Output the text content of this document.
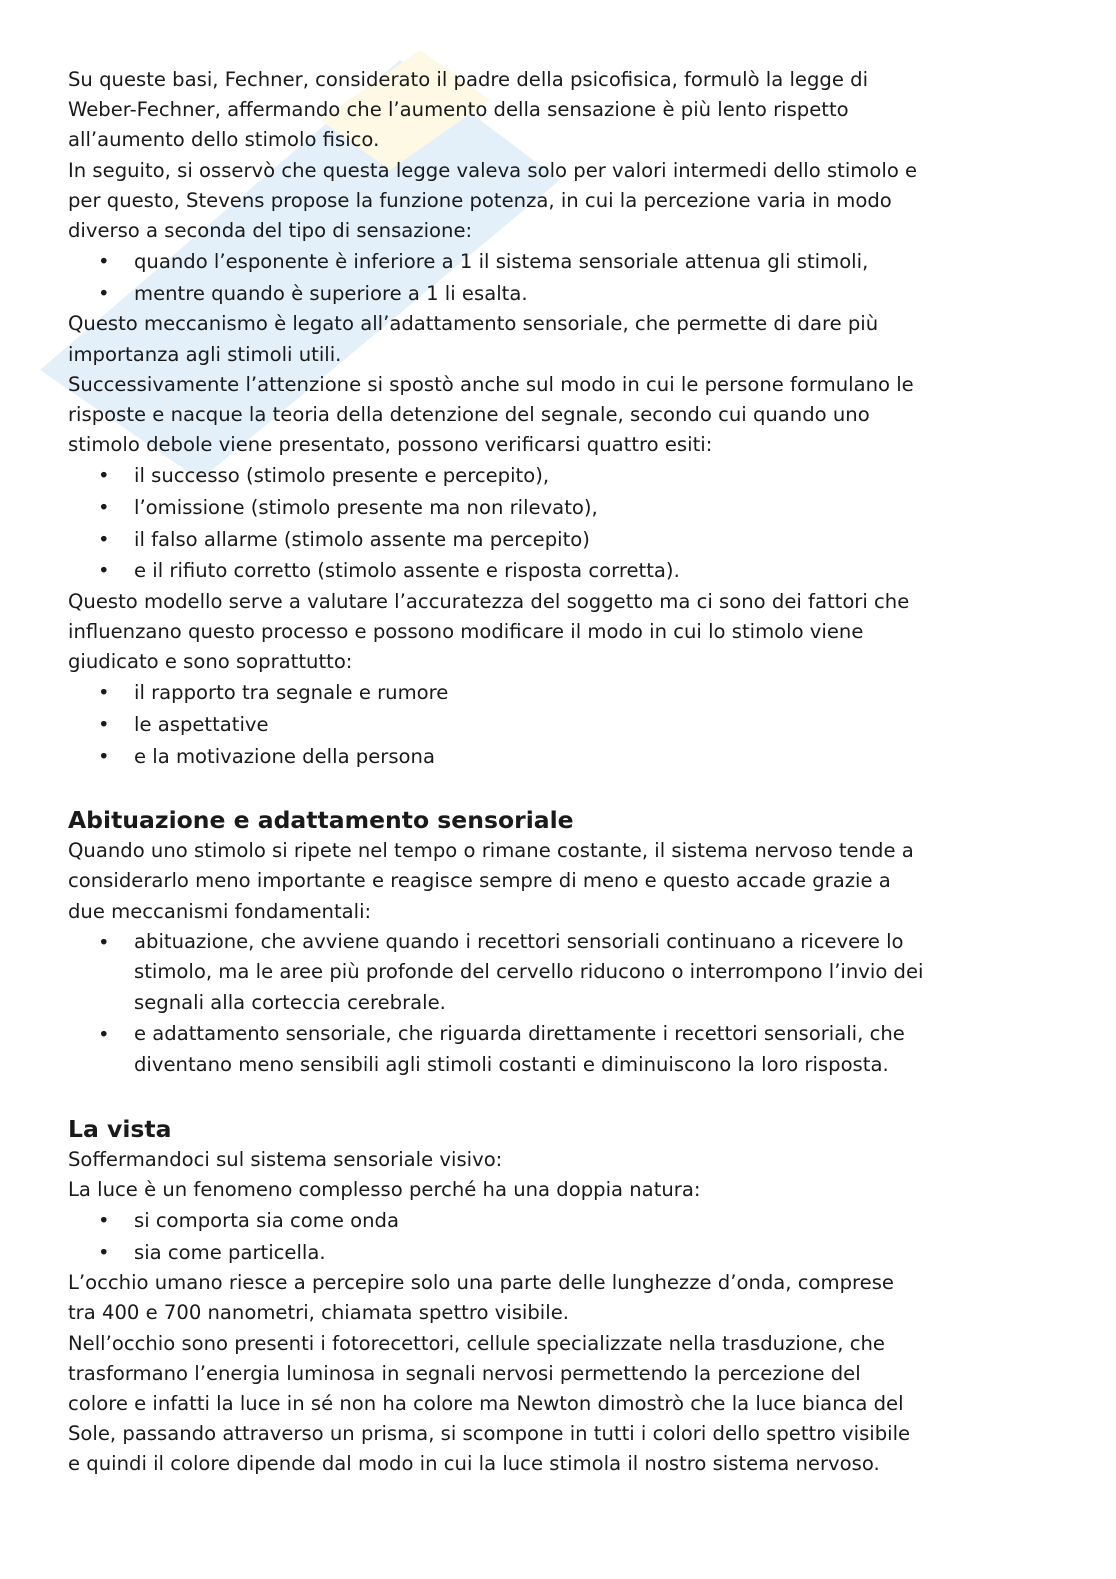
Su queste basi, Fechner, considerato il padre della psicofisica, formulò la legge di
Weber-Fechner, affermando che l’aumento della sensazione è più lento rispetto
all’aumento dello stimolo fisico.
In seguito, si osservò che questa legge valeva solo per valori intermedi dello stimolo e
per questo, Stevens propose la funzione potenza, in cui la percezione varia in modo
diverso a seconda del tipo di sensazione:
• quando l’esponente è inferiore a 1 il sistema sensoriale attenua gli stimoli,
• mentre quando è superiore a 1 li esalta.
Questo meccanismo è legato all’adattamento sensoriale, che permette di dare più
importanza agli stimoli utili.
Successivamente l’attenzione si spostò anche sul modo in cui le persone formulano le
risposte e nacque la teoria della detenzione del segnale, secondo cui quando uno
stimolo debole viene presentato, possono verificarsi quattro esiti:
• il successo (stimolo presente e percepito),
• l’omissione (stimolo presente ma non rilevato),
• il falso allarme (stimolo assente ma percepito)
• e il rifiuto corretto (stimolo assente e risposta corretta).
Questo modello serve a valutare l’accuratezza del soggetto ma ci sono dei fattori che
influenzano questo processo e possono modificare il modo in cui lo stimolo viene
giudicato e sono soprattutto:
• il rapporto tra segnale e rumore
• le aspettative
• e la motivazione della persona
Abituazione e adattamento sensoriale
Quando uno stimolo si ripete nel tempo o rimane costante, il sistema nervoso tende a
considerarlo meno importante e reagisce sempre di meno e questo accade grazie a
due meccanismi fondamentali:
• abituazione, che avviene quando i recettori sensoriali continuano a ricevere lo
stimolo, ma le aree più profonde del cervello riducono o interrompono l’invio dei
segnali alla corteccia cerebrale.
• e adattamento sensoriale, che riguarda direttamente i recettori sensoriali, che
diventano meno sensibili agli stimoli costanti e diminuiscono la loro risposta.
La vista
Soffermandoci sul sistema sensoriale visivo:
La luce è un fenomeno complesso perché ha una doppia natura:
• si comporta sia come onda
• sia come particella.
L’occhio umano riesce a percepire solo una parte delle lunghezze d’onda, comprese
tra 400 e 700 nanometri, chiamata spettro visibile.
Nell’occhio sono presenti i fotorecettori, cellule specializzate nella trasduzione, che
trasformano l’energia luminosa in segnali nervosi permettendo la percezione del
colore e infatti la luce in sé non ha colore ma Newton dimostrò che la luce bianca del
Sole, passando attraverso un prisma, si scompone in tutti i colori dello spettro visibile
e quindi il colore dipende dal modo in cui la luce stimola il nostro sistema nervoso.
